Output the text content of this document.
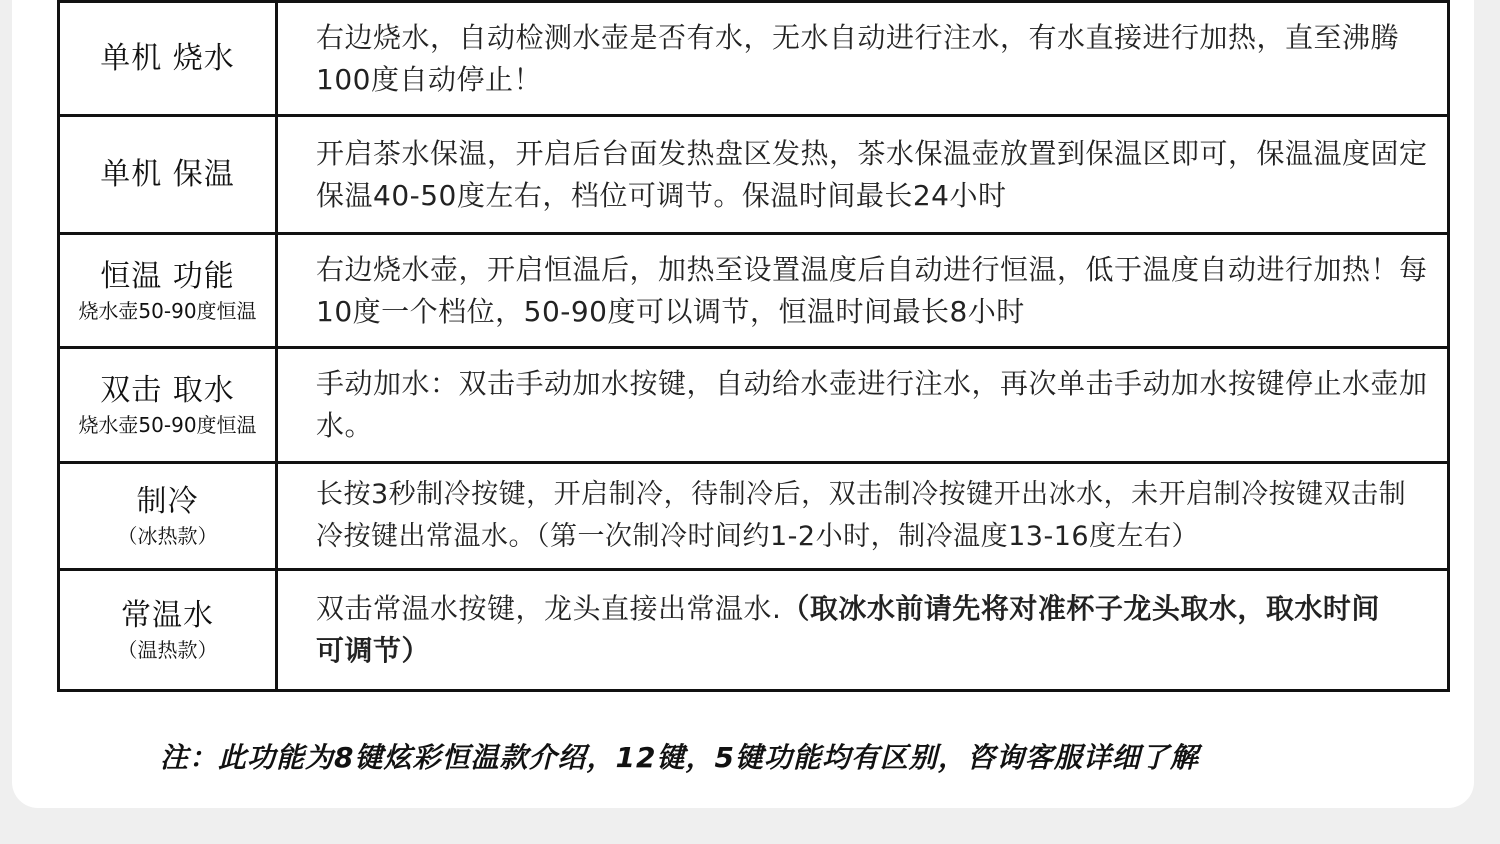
单机 烧水
右边烧水，自动检测水壶是否有水，无水自动进行注水，有水直接进行加热，直至沸腾100度自动停止！
单机 保温
开启茶水保温，开启后台面发热盘区发热，茶水保温壶放置到保温区即可，保温温度固定保温40-50度左右，档位可调节。保温时间最长24小时
恒温 功能
烧水壶50-90度恒温
右边烧水壶，开启恒温后，加热至设置温度后自动进行恒温，低于温度自动进行加热！每10度一个档位，50-90度可以调节，恒温时间最长8小时
双击 取水
烧水壶50-90度恒温
手动加水：双击手动加水按键，自动给水壶进行注水，再次单击手动加水按键停止水壶加水。
制冷
（冰热款）
长按3秒制冷按键，开启制冷，待制冷后，双击制冷按键开出冰水，未开启制冷按键双击制冷按键出常温水。（第一次制冷时间约1-2小时，制冷温度13-16度左右）
常温水
（温热款）
双击常温水按键，龙头直接出常温水.（取冰水前请先将对准杯子龙头取水，取水时间可调节）
注：此功能为8键炫彩恒温款介绍，12键，5键功能均有区别，咨询客服详细了解
